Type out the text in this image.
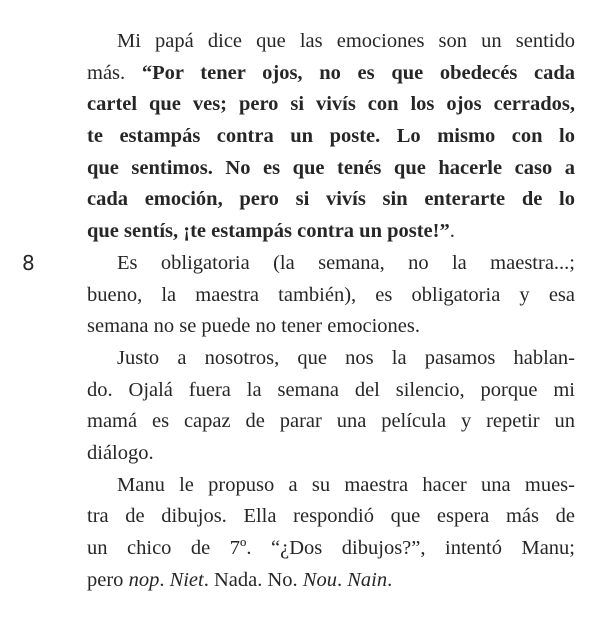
8
Mi papá dice que las emociones son un sentido
más. “Por tener ojos, no es que obedecés cada
cartel que ves; pero si vivís con los ojos cerrados,
te estampás contra un poste. Lo mismo con lo
que sentimos. No es que tenés que hacerle caso a
cada emoción, pero si vivís sin enterarte de lo
que sentís, ¡te estampás contra un poste!”.
Es obligatoria (la semana, no la maestra...;
bueno, la maestra también), es obligatoria y esa
semana no se puede no tener emociones.
Justo a nosotros, que nos la pasamos hablan-
do. Ojalá fuera la semana del silencio, porque mi
mamá es capaz de parar una película y repetir un
diálogo.
Manu le propuso a su maestra hacer una mues-
tra de dibujos. Ella respondió que espera más de
un chico de 7º. “¿Dos dibujos?”, intentó Manu;
pero nop. Niet. Nada. No. Nou. Nain.
